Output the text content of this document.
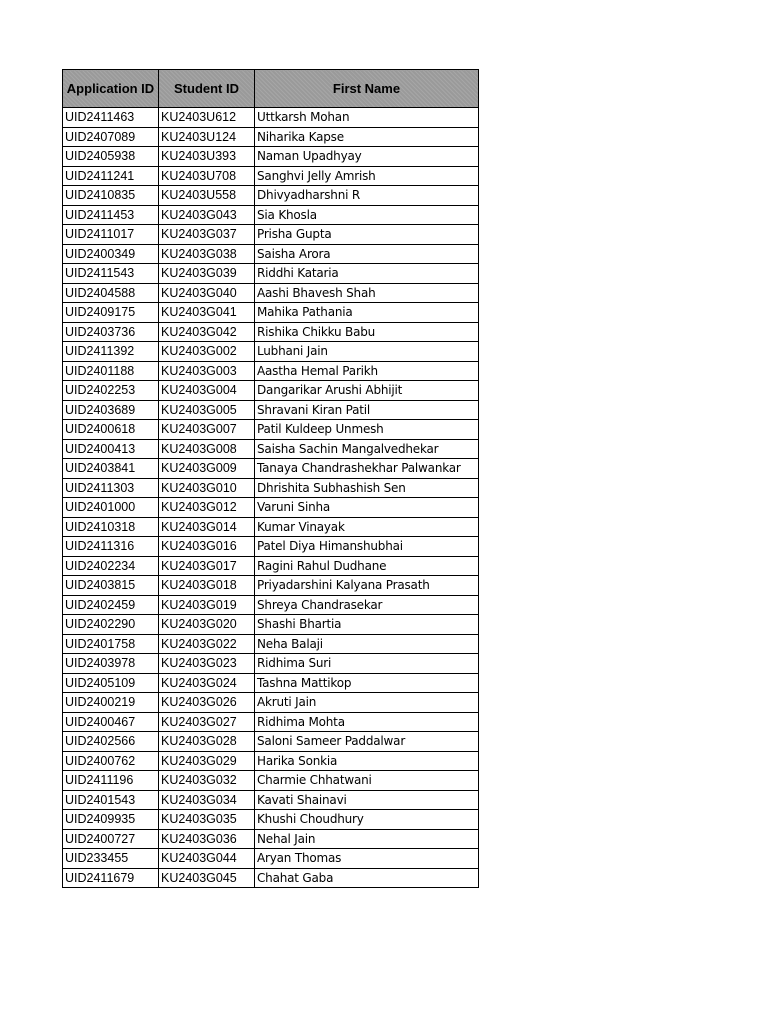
Application ID	Student ID	First Name
UID2411463	KU2403U612	Uttkarsh Mohan
UID2407089	KU2403U124	Niharika Kapse
UID2405938	KU2403U393	Naman Upadhyay
UID2411241	KU2403U708	Sanghvi Jelly Amrish
UID2410835	KU2403U558	Dhivyadharshni R
UID2411453	KU2403G043	Sia Khosla
UID2411017	KU2403G037	Prisha Gupta
UID2400349	KU2403G038	Saisha Arora
UID2411543	KU2403G039	Riddhi Kataria
UID2404588	KU2403G040	Aashi Bhavesh Shah
UID2409175	KU2403G041	Mahika Pathania
UID2403736	KU2403G042	Rishika Chikku Babu
UID2411392	KU2403G002	Lubhani Jain
UID2401188	KU2403G003	Aastha Hemal Parikh
UID2402253	KU2403G004	Dangarikar Arushi Abhijit
UID2403689	KU2403G005	Shravani Kiran Patil
UID2400618	KU2403G007	Patil Kuldeep Unmesh
UID2400413	KU2403G008	Saisha Sachin Mangalvedhekar
UID2403841	KU2403G009	Tanaya Chandrashekhar Palwankar
UID2411303	KU2403G010	Dhrishita Subhashish Sen
UID2401000	KU2403G012	Varuni Sinha
UID2410318	KU2403G014	Kumar Vinayak
UID2411316	KU2403G016	Patel Diya Himanshubhai
UID2402234	KU2403G017	Ragini Rahul Dudhane
UID2403815	KU2403G018	Priyadarshini Kalyana Prasath
UID2402459	KU2403G019	Shreya Chandrasekar
UID2402290	KU2403G020	Shashi Bhartia
UID2401758	KU2403G022	Neha Balaji
UID2403978	KU2403G023	Ridhima Suri
UID2405109	KU2403G024	Tashna Mattikop
UID2400219	KU2403G026	Akruti Jain
UID2400467	KU2403G027	Ridhima Mohta
UID2402566	KU2403G028	Saloni Sameer Paddalwar
UID2400762	KU2403G029	Harika Sonkia
UID2411196	KU2403G032	Charmie Chhatwani
UID2401543	KU2403G034	Kavati Shainavi
UID2409935	KU2403G035	Khushi Choudhury
UID2400727	KU2403G036	Nehal Jain
UID233455	KU2403G044	Aryan Thomas
UID2411679	KU2403G045	Chahat Gaba
